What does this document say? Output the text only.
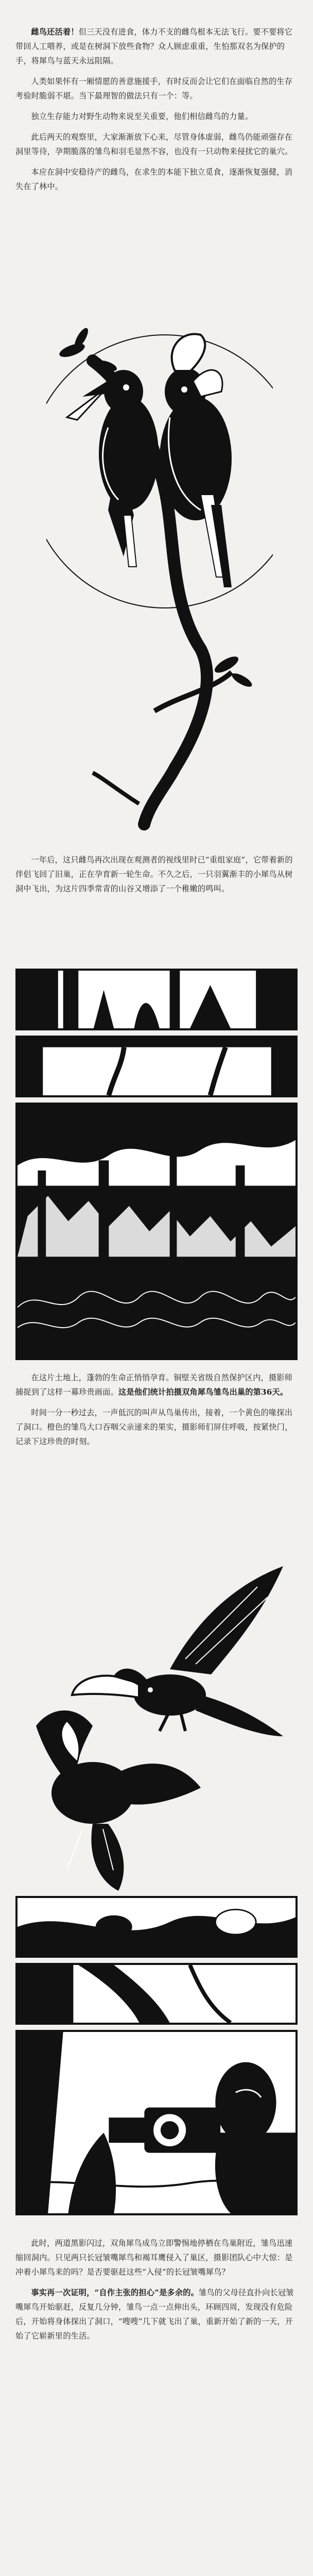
雌鸟还活着！但三天没有进食，体力不支的雌鸟根本无法飞行。要不要将它带回人工喂养，或是在树洞下放些食物？众人顾虑重重，生怕那双名为保护的手，将犀鸟与蓝天永远阻隔。

人类如果怀有一厢情愿的善意施援手，有时反而会让它们在面临自然的生存考验时脆弱不堪。当下最理智的做法只有一个：等。

独立生存能力对野生动物来说至关重要，他们相信雌鸟的力量。

此后两天的观察里，大家渐渐放下心来，尽管身体虚弱，雌鸟仍能顽强存在洞里等待，孕期脆落的雏鸟和羽毛显然不容，也没有一只动物来侵扰它的巢穴。

本应在洞中安稳待产的雌鸟，在求生的本能下独立觅食，逐渐恢复强健，消失在了林中。

一年后，这只雌鸟再次出现在观测者的视线里时已“重组家庭”，它带着新的伴侣飞回了旧巢，正在孕育新一轮生命。不久之后，一只羽翼渐丰的小犀鸟从树洞中飞出，为这片四季常青的山谷又增添了一个稚嫩的鸣叫。

在这片土地上，蓬勃的生命正悄悄孕育。铜壁关省级自然保护区内，摄影师捕捉到了这样一幕珍贵画面。这是他们统计拍摄双角犀鸟雏鸟出巢的第36天。

时间一分一秒过去，一声低沉的叫声从鸟巢传出，接着，一个黄色的喙探出了洞口。橙色的雏鸟大口吞咽父亲递来的果实，摄影师们屏住呼吸，按紧快门，记录下这珍贵的时刻。

此时，两道黑影闪过，双角犀鸟成鸟立即警惕地停栖在鸟巢附近，雏鸟迅速缩回洞内。只见两只长冠皱嘴犀鸟和褐耳鹰侵入了巢区，摄影团队心中大惊：是冲着小犀鸟来的吗？是否要驱赶这些“入侵”的长冠皱嘴犀鸟？

事实再一次证明，“自作主张的担心”是多余的。雏鸟的父母径直扑向长冠皱嘴犀鸟开始驱赶，反复几分钟，雏鸟一点一点伸出头，环顾四周，发现没有危险后，开始将身体探出了洞口，“嗖嗖”几下就飞出了巢，重新开始了新的一天，开始了它崭新里的生活。
